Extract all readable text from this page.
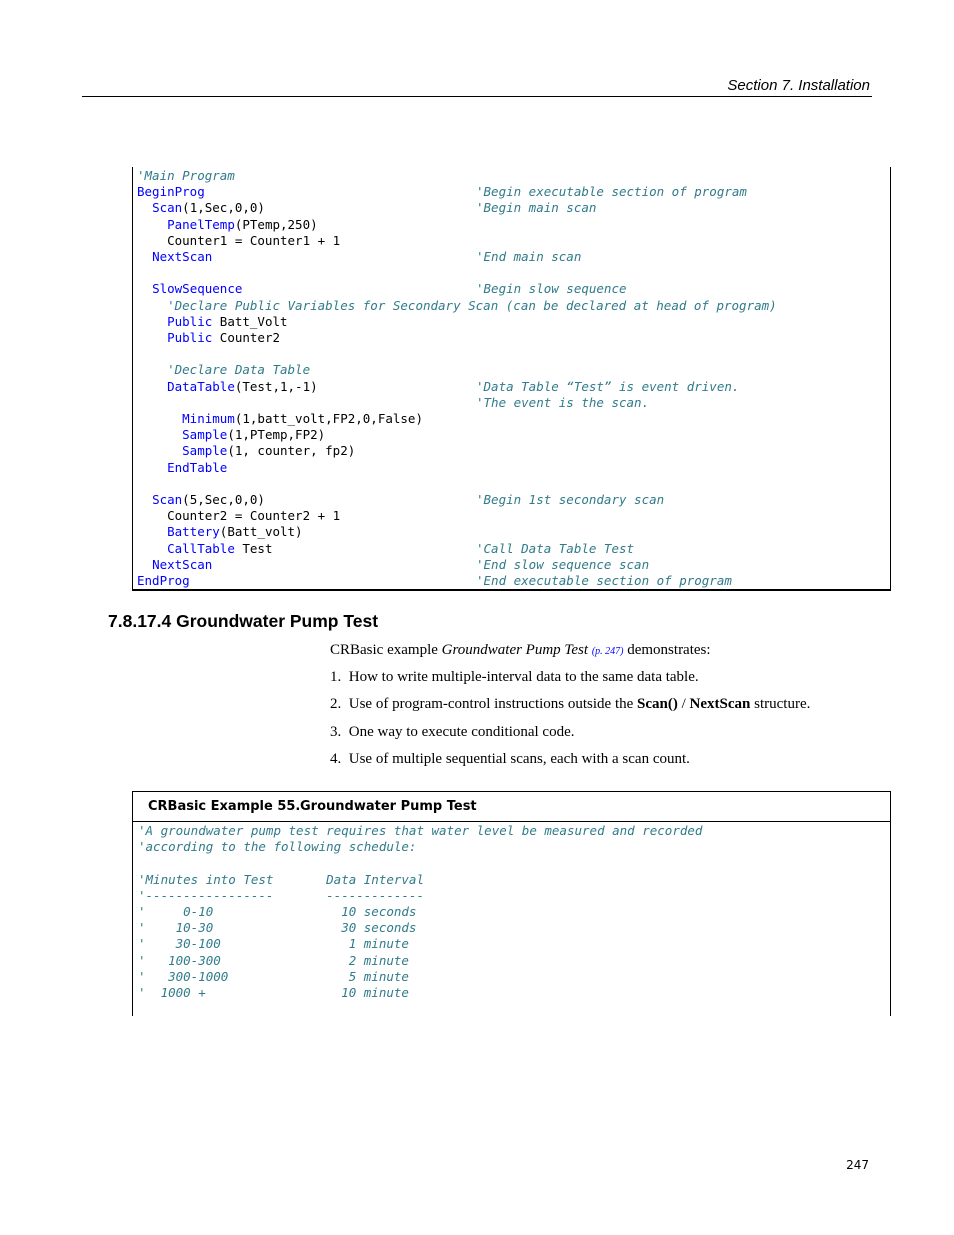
Section 7. Installation
'Main Program
BeginProg	'Begin executable section of program
Scan(1,Sec,0,0)	'Begin main scan
PanelTemp(PTemp,250)
Counter1 = Counter1 + 1
NextScan	'End main scan
SlowSequence	'Begin slow sequence
'Declare Public Variables for Secondary Scan (can be declared at head of program)
Public Batt_Volt
Public Counter2
'Declare Data Table
DataTable(Test,1,-1)	'Data Table “Test” is event driven.
'The event is the scan.
Minimum(1,batt_volt,FP2,0,False)
Sample(1,PTemp,FP2)
Sample(1, counter, fp2)
EndTable
Scan(5,Sec,0,0)	'Begin 1st secondary scan
Counter2 = Counter2 + 1
Battery(Batt_volt)
CallTable Test	'Call Data Table Test
NextScan	'End slow sequence scan
EndProg	'End executable section of program
7.8.17.4 Groundwater Pump Test
CRBasic example Groundwater Pump Test (p. 247) demonstrates:
1. How to write multiple-interval data to the same data table.
2. Use of program-control instructions outside the Scan() / NextScan structure.
3. One way to execute conditional code.
4. Use of multiple sequential scans, each with a scan count.
CRBasic Example 55. Groundwater Pump Test
'A groundwater pump test requires that water level be measured and recorded
'according to the following schedule:
'Minutes into Test       Data Interval
'-----------------       -------------
'     0-10                 10 seconds
'    10-30                 30 seconds
'    30-100                 1 minute
'   100-300                 2 minute
'   300-1000                5 minute
'  1000 +                  10 minute
247
